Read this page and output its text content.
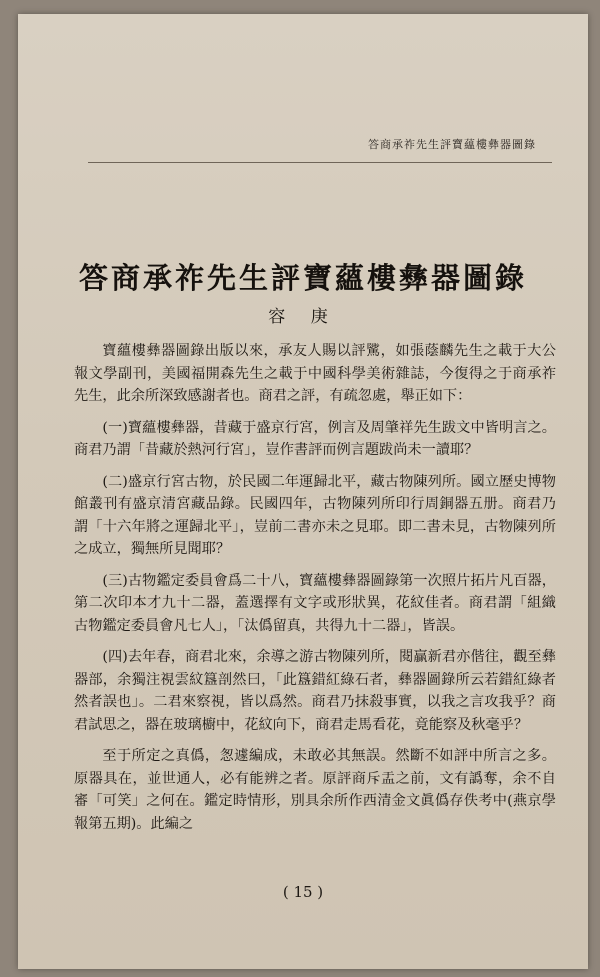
答商承祚先生評寶蘊樓彝器圖錄
答商承祚先生評寶蘊樓彝器圖錄
容 庚

寶蘊樓彝器圖錄出版以來，承友人賜以評騭，如張蔭麟先生之載于大公報文學副刊，美國福開森先生之載于中國科學美術雜誌，今復得之于商承祚先生，此余所深致感謝者也。商君之評，有疏忽處，舉正如下：

(一)寶蘊樓彝器，昔藏于盛京行宮，例言及周肇祥先生跋文中皆明言之。商君乃謂「昔藏於熱河行宮」，豈作書評而例言題跋尚未一讀耶？

(二)盛京行宮古物，於民國二年運歸北平，藏古物陳列所。國立歷史博物館叢刊有盛京清宮藏品錄。民國四年，古物陳列所印行周銅器五册。商君乃謂「十六年將之運歸北平」，豈前二書亦未之見耶。即二書未見，古物陳列所之成立，獨無所見聞耶？

(三)古物鑑定委員會爲二十八，寶蘊樓彝器圖錄第一次照片拓片凡百器，第二次印本才九十二器，蓋選擇有文字或形狀異，花紋佳者。商君謂「組織古物鑑定委員會凡七人」，「汰僞留真，共得九十二器」，皆誤。

(四)去年春，商君北來，余導之游古物陳列所，閱贏新君亦偕往，觀至彝器部，余獨注視雲紋簋剖然曰，「此簋錯紅綠石者，彝器圖錄所云若錯紅綠者然者誤也」。二君來察視，皆以爲然。商君乃抹殺事實，以我之言攻我乎？商君試思之，器在玻璃櫥中，花紋向下，商君走馬看花，竟能察及秋毫乎？

至于所定之真僞，怱遽編成，未敢必其無誤。然斷不如評中所言之多。原器具在，並世通人，必有能辨之者。原評商斥盂之前，文有譌奪，余不自審「可笑」之何在。鑑定時情形，別具余所作西清金文眞僞存佚考中(燕京學報第五期)。此編之

( 15 )
